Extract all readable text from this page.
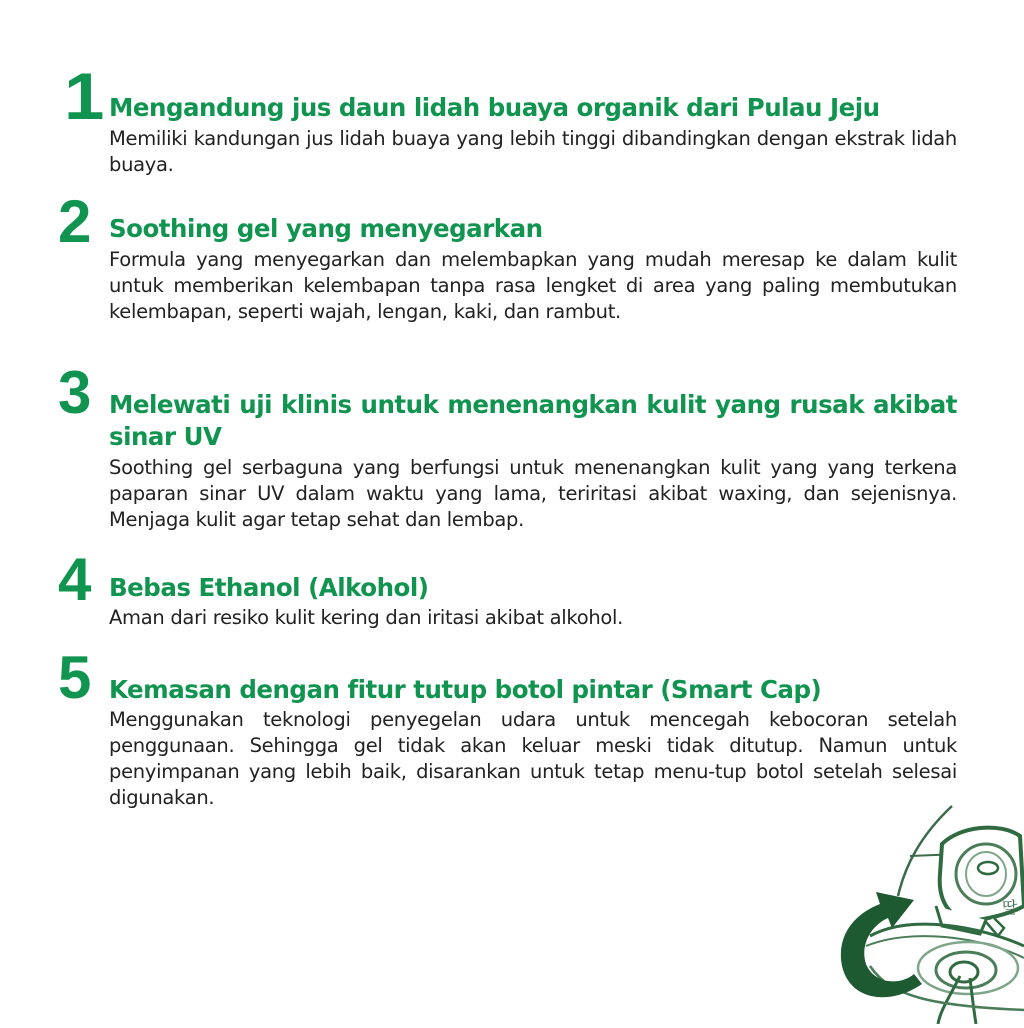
1 Mengandung jus daun lidah buaya organik dari Pulau Jeju
Memiliki kandungan jus lidah buaya yang lebih tinggi dibandingkan dengan ekstrak lidah buaya.
2 Soothing gel yang menyegarkan
Formula yang menyegarkan dan melembapkan yang mudah meresap ke dalam kulit untuk memberikan kelembapan tanpa rasa lengket di area yang paling membutukan kelembapan, seperti wajah, lengan, kaki, dan rambut.
3 Melewati uji klinis untuk menenangkan kulit yang rusak akibat sinar UV
Soothing gel serbaguna yang berfungsi untuk menenangkan kulit yang yang terkena paparan sinar UV dalam waktu yang lama, teriritasi akibat waxing, dan sejenisnya. Menjaga kulit agar tetap sehat dan lembap.
4 Bebas Ethanol (Alkohol)
Aman dari resiko kulit kering dan iritasi akibat alkohol.
5 Kemasan dengan fitur tutup botol pintar (Smart Cap)
Menggunakan teknologi penyegelan udara untuk mencegah kebocoran setelah penggunaan. Sehingga gel tidak akan keluar meski tidak ditutup. Namun untuk penyimpanan yang lebih baik, disarankan untuk tetap menu-tup botol setelah selesai digunakan.
딸
